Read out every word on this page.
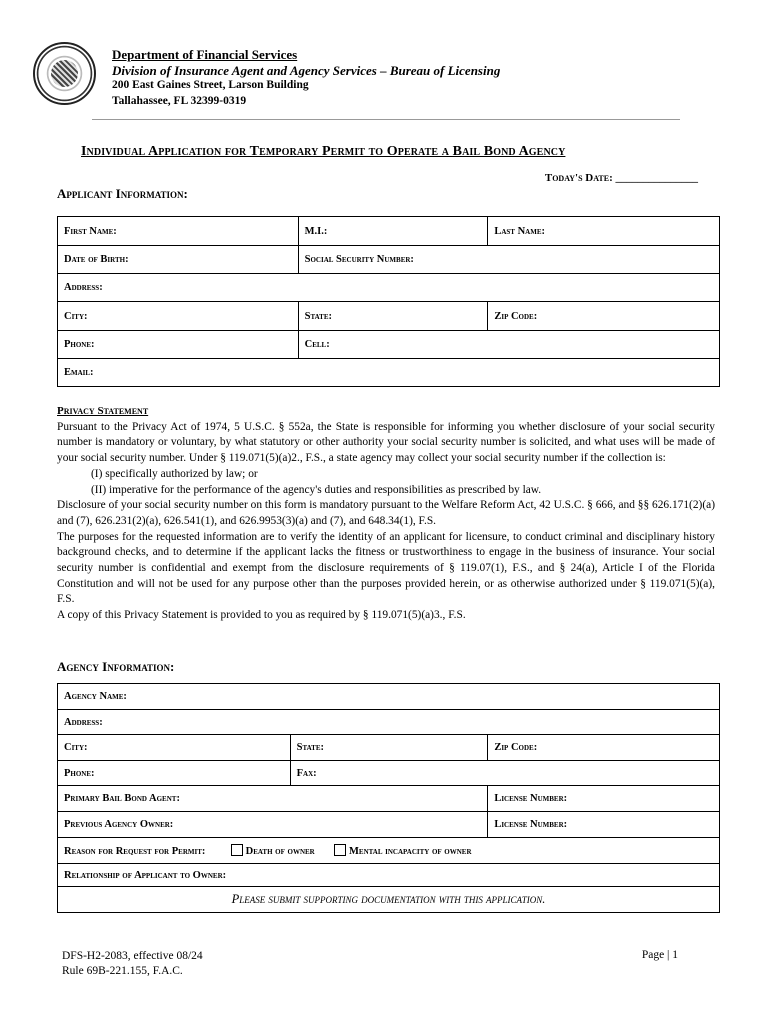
Department of Financial Services
Division of Insurance Agent and Agency Services – Bureau of Licensing
200 East Gaines Street, Larson Building
Tallahassee, FL 32399-0319
Individual Application for Temporary Permit to Operate a Bail Bond Agency
Today's Date: _______________
Applicant Information:
First Name:	M.I.:	Last Name:
Date of Birth:	Social Security Number:	
Address:		
City:	State:	Zip Code:
Phone:	Cell:	
Email:		
Privacy Statement
Pursuant to the Privacy Act of 1974, 5 U.S.C. § 552a, the State is responsible for informing you whether disclosure of your social security number is mandatory or voluntary, by what statutory or other authority your social security number is solicited, and what uses will be made of your social security number. Under § 119.071(5)(a)2., F.S., a state agency may collect your social security number if the collection is:
(I) specifically authorized by law; or
(II) imperative for the performance of the agency's duties and responsibilities as prescribed by law.
Disclosure of your social security number on this form is mandatory pursuant to the Welfare Reform Act, 42 U.S.C. § 666, and §§ 626.171(2)(a) and (7), 626.231(2)(a), 626.541(1), and 626.9953(3)(a) and (7), and 648.34(1), F.S.
The purposes for the requested information are to verify the identity of an applicant for licensure, to conduct criminal and disciplinary history background checks, and to determine if the applicant lacks the fitness or trustworthiness to engage in the business of insurance. Your social security number is confidential and exempt from the disclosure requirements of § 119.07(1), F.S., and § 24(a), Article I of the Florida Constitution and will not be used for any purpose other than the purposes provided herein, or as otherwise authorized under § 119.071(5)(a), F.S.
A copy of this Privacy Statement is provided to you as required by § 119.071(5)(a)3., F.S.
Agency Information:
Agency Name:		
Address:		
City:	State:	Zip Code:
Phone:	Fax:	
Primary Bail Bond Agent:		License Number:
Previous Agency Owner:		License Number:
Reason for Request for Permit: Death of owner Mental incapacity of owner		
Relationship of Applicant to Owner:		
Please submit supporting documentation with this application.		
DFS-H2-2083, effective 08/24
Rule 69B-221.155, F.A.C.
Page | 1
